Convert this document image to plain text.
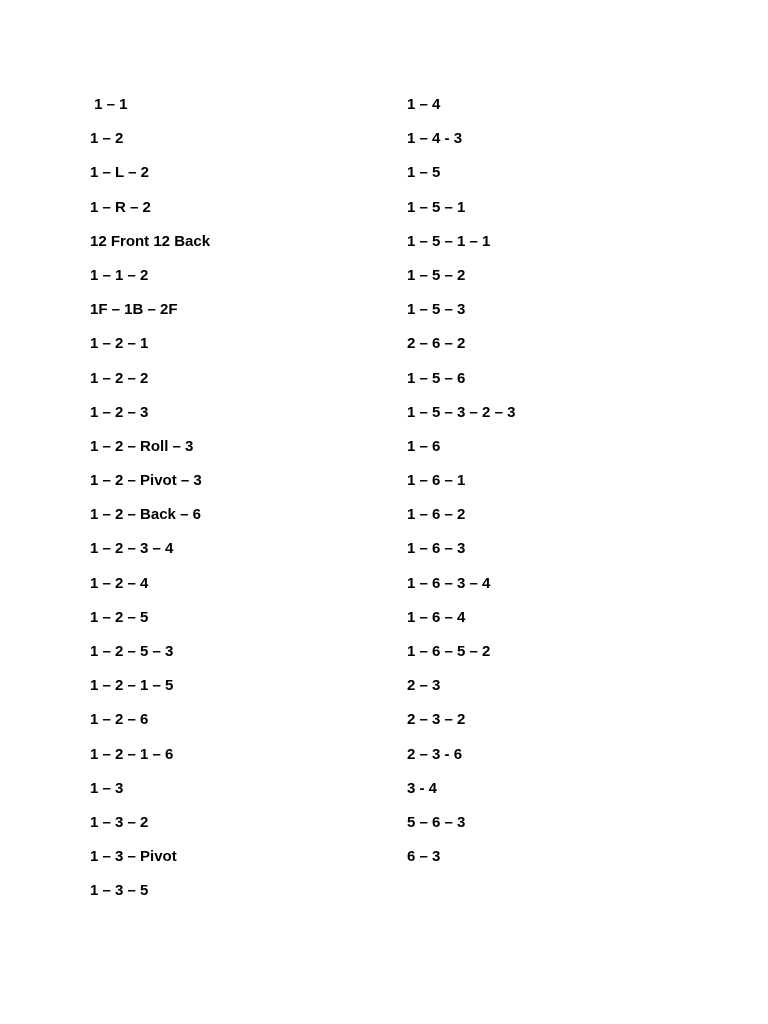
1 – 1
1 – 2
1 – L – 2
1 – R – 2
12 Front 12 Back
1 – 1 – 2
1F – 1B – 2F
1 – 2 – 1
1 – 2 – 2
1 – 2 – 3
1 – 2 – Roll – 3
1 – 2 – Pivot – 3
1 – 2 – Back – 6
1 – 2 – 3 – 4
1 – 2 – 4
1 – 2 – 5
1 – 2 – 5 – 3
1 – 2 – 1 – 5
1 – 2 – 6
1 – 2 – 1 – 6
1 – 3
1 – 3 – 2
1 – 3 – Pivot
1 – 3 – 5
1 – 4
1 – 4 - 3
1 – 5
1 – 5 – 1
1 – 5 – 1 – 1
1 – 5 – 2
1 – 5 – 3
2 – 6 – 2
1 – 5 – 6
1 – 5 – 3 – 2 – 3
1 – 6
1 – 6 – 1
1 – 6 – 2
1 – 6 – 3
1 – 6 – 3 – 4
1 – 6 – 4
1 – 6 – 5 – 2
2 – 3
2 – 3 – 2
2 – 3 - 6
3 - 4
5 – 6 – 3
6 – 3
